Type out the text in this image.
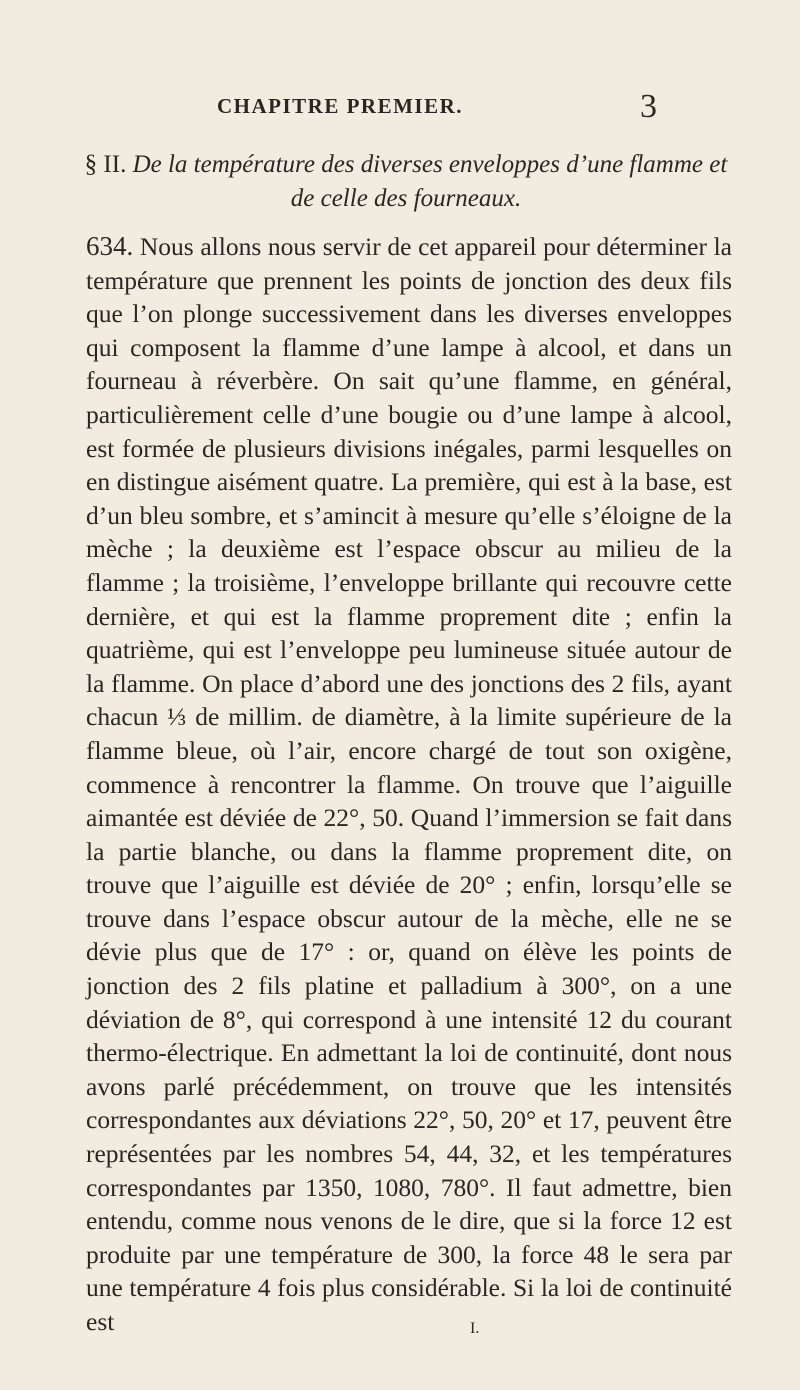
CHAPITRE PREMIER.	3
§ II. De la température des diverses enveloppes d’une flamme et de celle des fourneaux.

634. Nous allons nous servir de cet appareil pour déterminer la température que prennent les points de jonction des deux fils que l’on plonge successivement dans les diverses enveloppes qui composent la flamme d’une lampe à alcool, et dans un fourneau à réverbère. On sait qu’une flamme, en général, particulièrement celle d’une bougie ou d’une lampe à alcool, est formée de plusieurs divisions inégales, parmi lesquelles on en distingue aisément quatre. La première, qui est à la base, est d’un bleu sombre, et s’amincit à mesure qu’elle s’éloigne de la mèche ; la deuxième est l’espace obscur au milieu de la flamme ; la troisième, l’enveloppe brillante qui recouvre cette dernière, et qui est la flamme proprement dite ; enfin la quatrième, qui est l’enveloppe peu lumineuse située autour de la flamme. On place d’abord une des jonctions des 2 fils, ayant chacun ⅓ de millim. de diamètre, à la limite supérieure de la flamme bleue, où l’air, encore chargé de tout son oxigène, commence à rencontrer la flamme. On trouve que l’aiguille aimantée est déviée de 22°, 50. Quand l’immersion se fait dans la partie blanche, ou dans la flamme proprement dite, on trouve que l’aiguille est déviée de 20° ; enfin, lorsqu’elle se trouve dans l’espace obscur autour de la mèche, elle ne se dévie plus que de 17° : or, quand on élève les points de jonction des 2 fils platine et palladium à 300°, on a une déviation de 8°, qui correspond à une intensité 12 du courant thermo-électrique. En admettant la loi de continuité, dont nous avons parlé précédemment, on trouve que les intensités correspondantes aux déviations 22°, 50, 20° et 17, peuvent être représentées par les nombres 54, 44, 32, et les températures correspondantes par 1350, 1080, 780°. Il faut admettre, bien entendu, comme nous venons de le dire, que si la force 12 est produite par une température de 300, la force 48 le sera par une température 4 fois plus considérable. Si la loi de continuité est	I.
